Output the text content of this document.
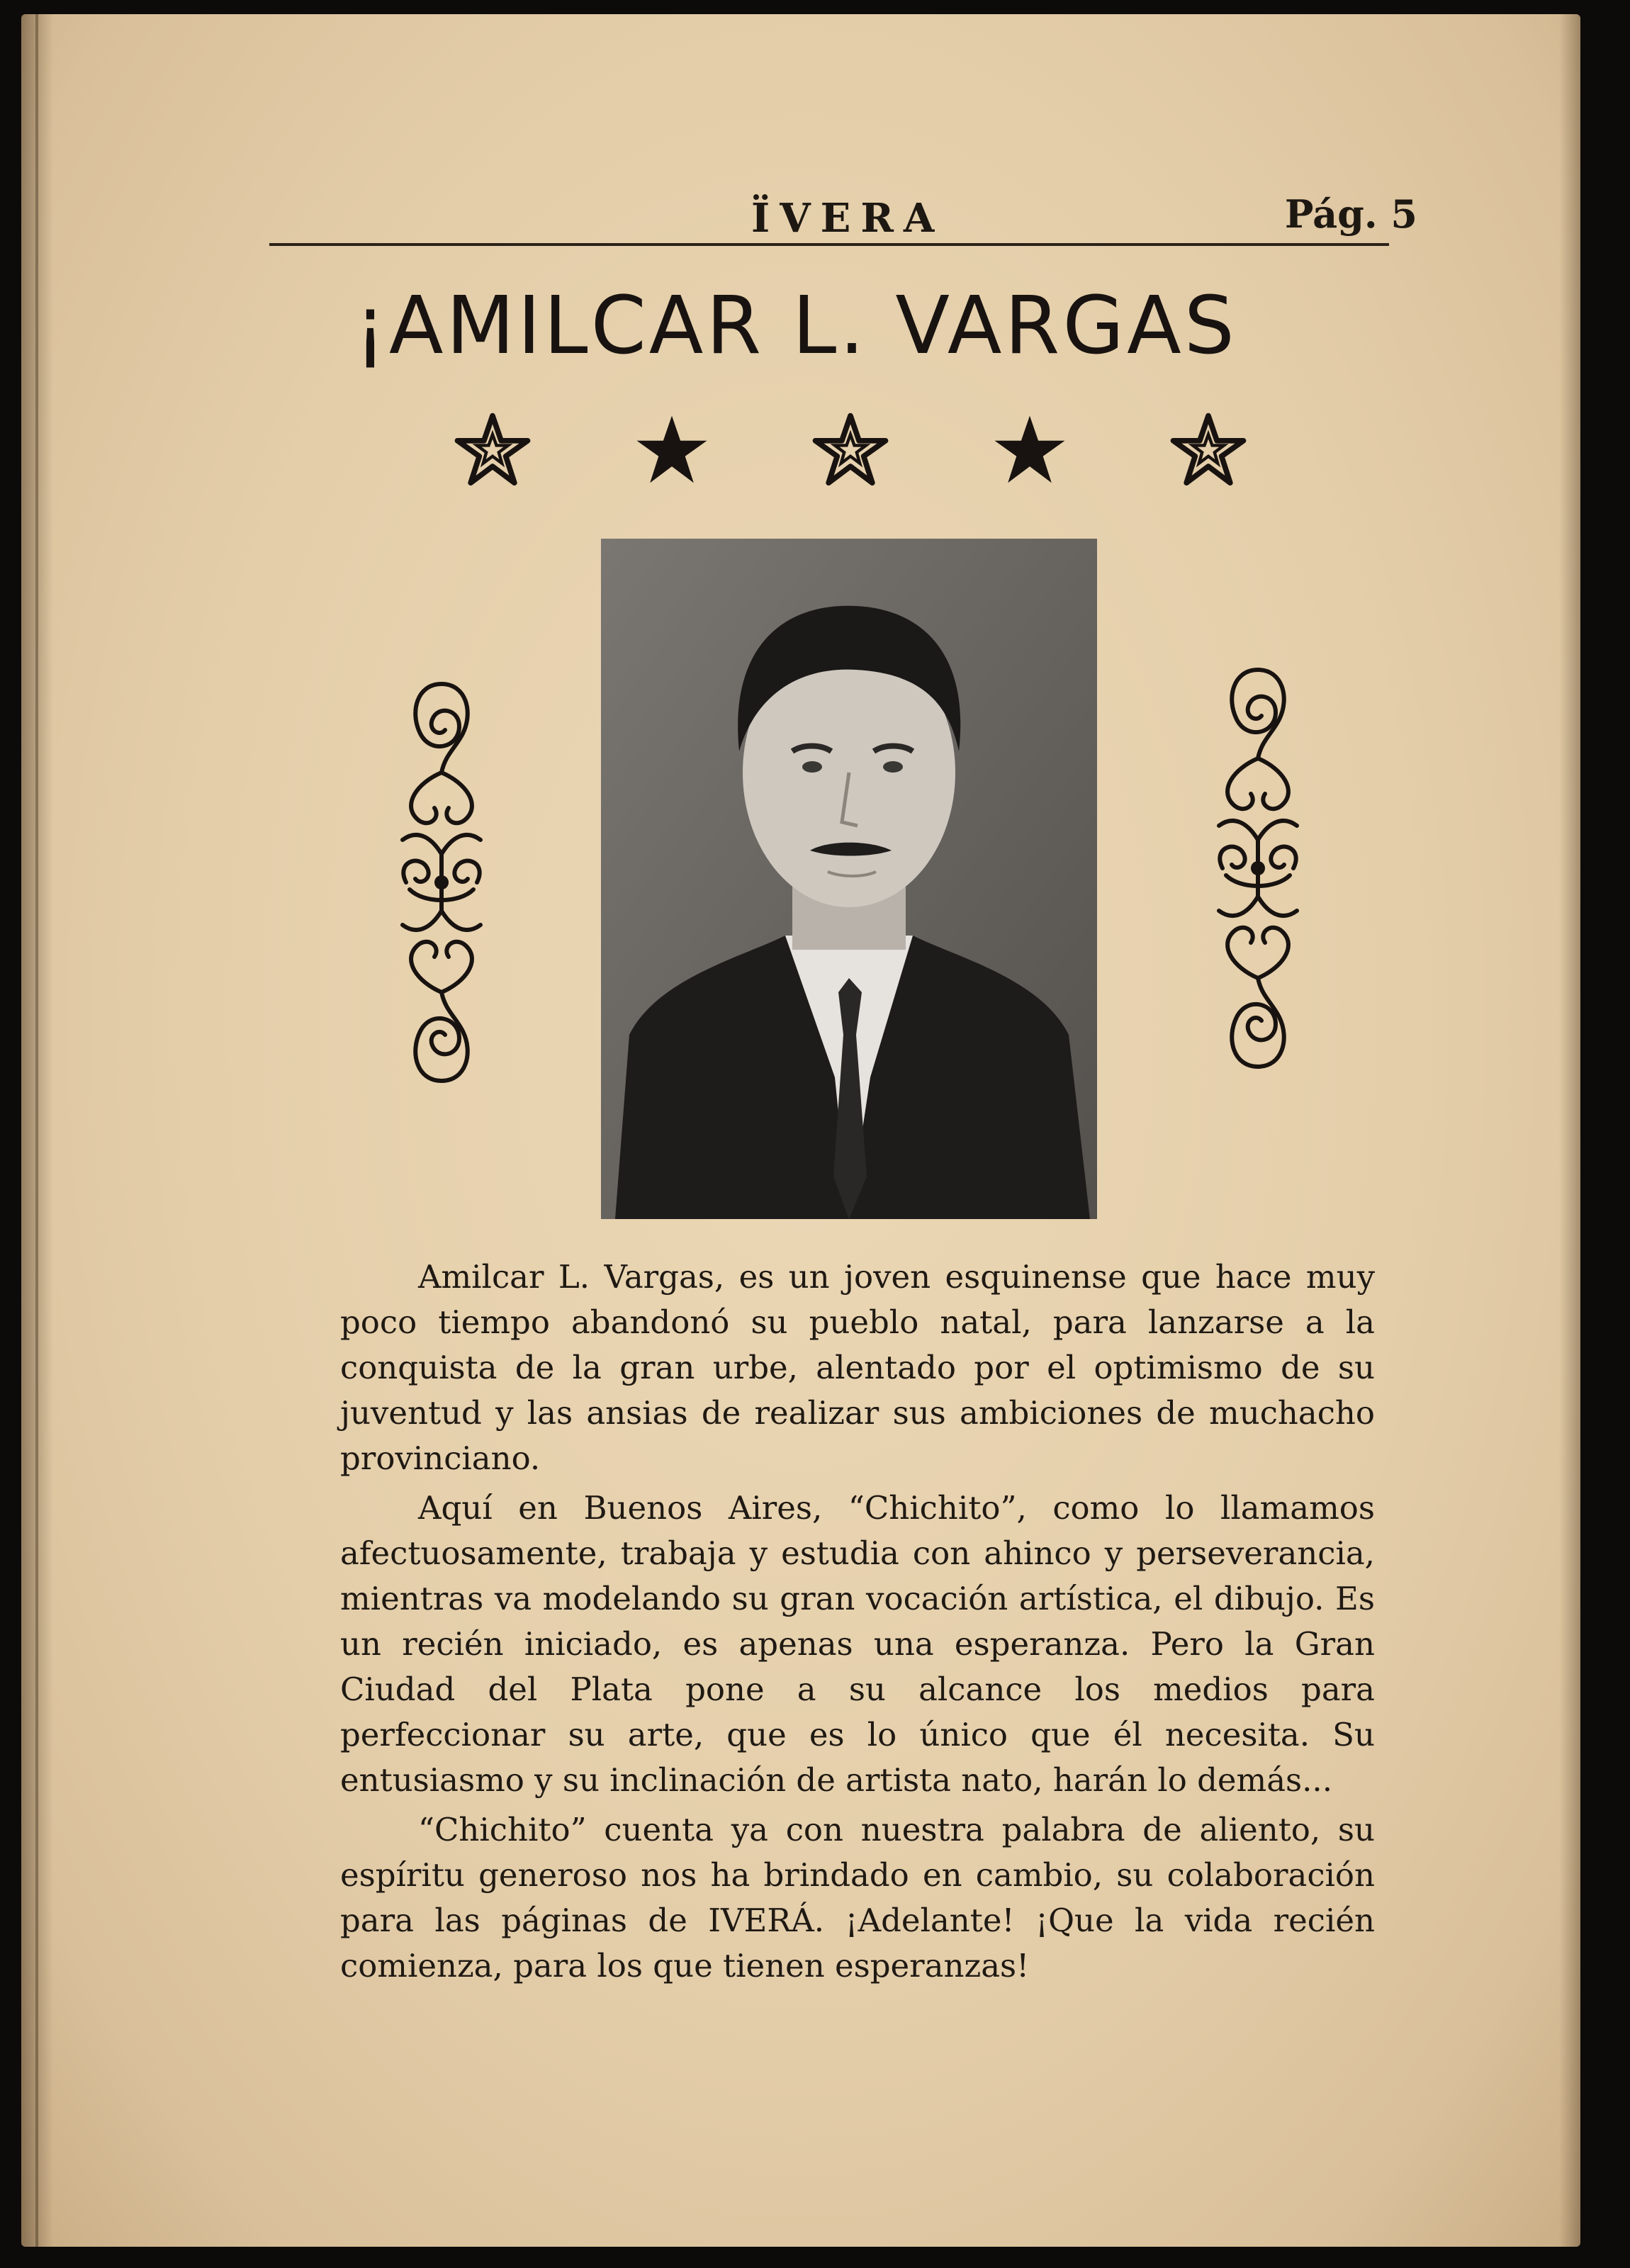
ÏVERA	Pág. 5
¡AMILCAR L. VARGAS

Amilcar L. Vargas, es un joven esquinense que hace muy poco tiempo abandonó su pueblo natal, para lanzarse a la conquista de la gran urbe, alentado por el optimismo de su juventud y las ansias de realizar sus ambiciones de muchacho provinciano.

Aquí en Buenos Aires, “Chichito”, como lo llamamos afectuosamente, trabaja y estudia con ahinco y perseverancia, mientras va modelando su gran vocación artística, el dibujo. Es un recién iniciado, es apenas una esperanza. Pero la Gran Ciudad del Plata pone a su alcance los medios para perfeccionar su arte, que es lo único que él necesita. Su entusiasmo y su inclinación de artista nato, harán lo demás...

“Chichito” cuenta ya con nuestra palabra de aliento, su espíritu generoso nos ha brindado en cambio, su colaboración para las páginas de IVERÁ. ¡Adelante! ¡Que la vida recién comienza, para los que tienen esperanzas!
